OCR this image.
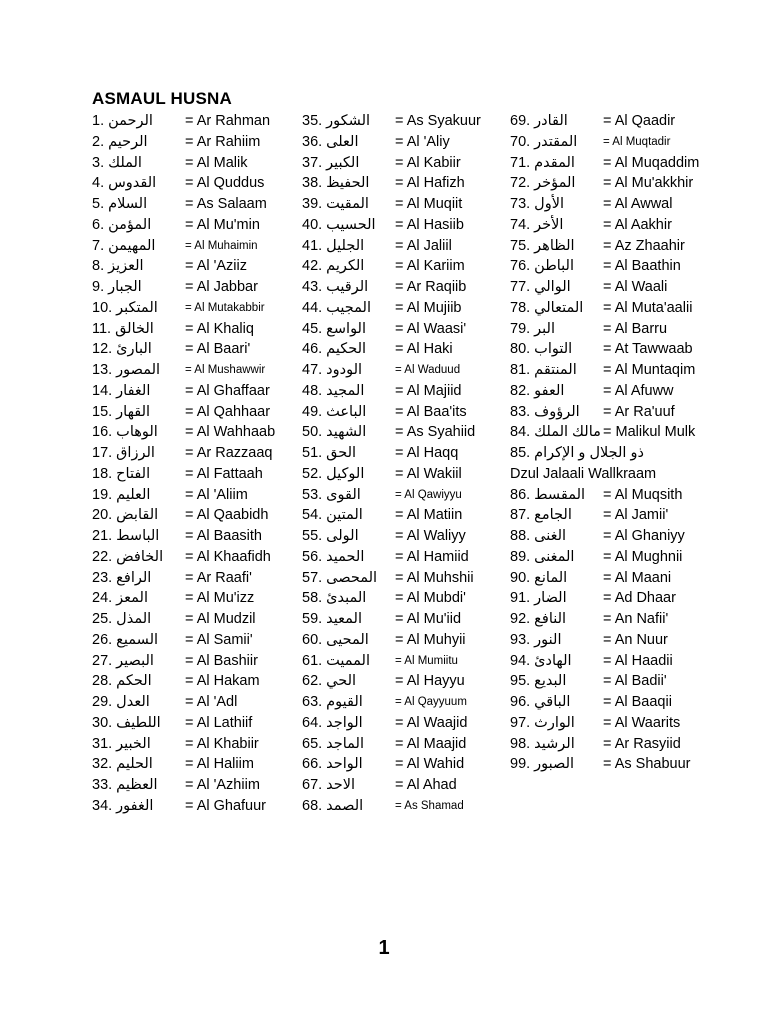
ASMAUL HUSNA
1. الرحمن = Ar Rahman
2. الرحيم	= Ar Rahiim
3. الملك	= Al Malik
4. القدوس = Al Quddus
5. السلام	= As Salaam
6. المؤمن = Al Mu'min
7. المهيمن	= Al Muhaimin
8. العزيز	= Al 'Aziiz
9. الجبار	= Al Jabbar
10. المتكبر = Al Mutakabbir
11. الخالق = Al Khaliq
12. البارئ = Al Baari'
13. المصور = Al Mushawwir
14. الغفار = Al Ghaffaar
15. القهار = Al Qahhaar
16. الوهاب = Al Wahhaab
17. الرزاق = Ar Razzaaq
18. الفتاح = Al Fattaah
19. العليم = Al 'Aliim
20. القابض = Al Qaabidh
21. الباسط = Al Baasith
22. الخافض = Al Khaafidh
23. الرافع = Ar Raafi'
24. المعز	= Al Mu'izz
25. المذل = Al Mudzil
26. السميع = Al Samii'
27. البصير = Al Bashiir
28. الحكم = Al Hakam
29. العدل = Al 'Adl
30. اللطيف = Al Lathiif
31. الخبير = Al Khabiir
32. الحليم = Al Haliim
33. العظيم = Al 'Azhiim
34. الغفور = Al Ghafuur
35. الشكور = As Syakuur
36. العلى	= Al 'Aliy
37. الكبير = Al Kabiir
38. الحفيظ = Al Hafizh
39. المقيت = Al Muqiit
40. الحسيب = Al Hasiib
41. الجليل = Al Jaliil
42. الكريم = Al Kariim
43. الرقيب = Ar Raqiib
44. المجيب = Al Mujiib
45. الواسع = Al Waasi'
46. الحكيم = Al Haki
47. الودود	= Al Waduud
48. المجيد = Al Majiid
49. الباعث = Al Baa'its
50. الشهيد = As Syahiid
51. الحق	= Al Haqq
52. الوكيل = Al Wakiil
53. القوى	= Al Qawiyyu
54. المتين = Al Matiin
55. الولى	= Al Waliyy
56. الحميد = Al Hamiid
57. المحصى = Al Muhshii
58. المبدئ = Al Mubdi'
59. المعيد = Al Mu'iid
60. المحيى = Al Muhyii
61. المميت = Al Mumiitu
62. الحي	= Al Hayyu
63. القيوم	= Al Qayyuum
64. الواجد = Al Waajid
65. الماجد = Al Maajid
66. الواحد = Al Wahid
67. الاحد	= Al Ahad
68. الصمد	= As Shamad
69. القادر = Al Qaadir
70. المقتدر = Al Muqtadir
71. المقدم = Al Muqaddim
72. المؤخر = Al Mu'akkhir
73. الأول	= Al Awwal
74. الأخر	= Al Aakhir
75. الظاهر = Az Zhaahir
76. الباطن = Al Baathin
77. الوالي = Al Waali
78. المتعالي = Al Muta'aalii
79. البر	= Al Barru
80. التواب = At Tawwaab
81. المنتقم = Al Muntaqim
82. العفو	= Al Afuww
83. الرؤوف = Ar Ra'uuf
84. مالك الملك = Malikul Mulk
85. ذو الجلال و الإكرام
Dzul Jalaali Wallkraam
86. المقسط = Al Muqsith
87. الجامع = Al Jamii'
88. الغنى	= Al Ghaniyy
89. المغنى = Al Mughnii
90. المانع = Al Maani
91. الضار	= Ad Dhaar
92. النافع	= An Nafii'
93. النور	= An Nuur
94. الهادئ = Al Haadii
95. البديع	= Al Badii'
96. الباقي = Al Baaqii
97. الوارث = Al Waarits
98. الرشيد = Ar Rasyiid
99. الصبور = As Shabuur
1
